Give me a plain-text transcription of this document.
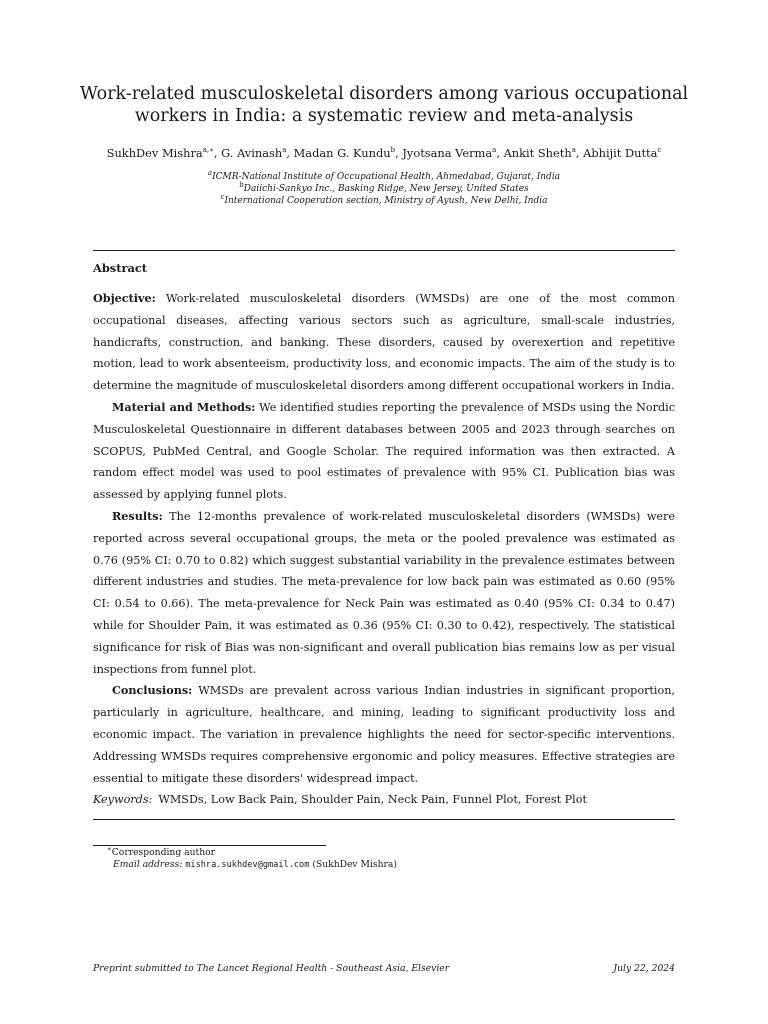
Work-related musculoskeletal disorders among various occupational
workers in India: a systematic review and meta-analysis
SukhDev Mishra$^{a,∗}$, G. Avinash$^a$, Madan G. Kundu$^b$, Jyotsana Verma$^a$, Ankit Sheth$^a$, Abhijit Dutta$^c$
$^a$ICMR-National Institute of Occupational Health, Ahmedabad, Gujarat, India
$^b$Daiichi-Sankyo Inc., Basking Ridge, New Jersey, United States
$^c$International Cooperation section, Ministry of Ayush, New Delhi, India
Abstract

Objective: Work-related musculoskeletal disorders (WMSDs) are one of the most common occupational diseases, affecting various sectors such as agriculture, small-scale industries, handicrafts, construction, and banking. These disorders, caused by overexertion and repetitive motion, lead to work absenteeism, productivity loss, and economic impacts. The aim of the study is to determine the magnitude of musculoskeletal disorders among different occupational workers in India.

Material and Methods: We identified studies reporting the prevalence of MSDs using the Nordic Musculoskeletal Questionnaire in different databases between 2005 and 2023 through searches on SCOPUS, PubMed Central, and Google Scholar. The required information was then extracted. A random effect model was used to pool estimates of prevalence with 95% CI. Publication bias was assessed by applying funnel plots.

Results: The 12-months prevalence of work-related musculoskeletal disorders (WMSDs) were reported across several occupational groups, the meta or the pooled prevalence was estimated as 0.76 (95% CI: 0.70 to 0.82) which suggest substantial variability in the prevalence estimates between different industries and studies. The meta-prevalence for low back pain was estimated as 0.60 (95% CI: 0.54 to 0.66). The meta-prevalence for Neck Pain was estimated as 0.40 (95% CI: 0.34 to 0.47) while for Shoulder Pain, it was estimated as 0.36 (95% CI: 0.30 to 0.42), respectively. The statistical significance for risk of Bias was non-significant and overall publication bias remains low as per visual inspections from funnel plot.

Conclusions: WMSDs are prevalent across various Indian industries in significant proportion, particularly in agriculture, healthcare, and mining, leading to significant productivity loss and economic impact. The variation in prevalence highlights the need for sector-specific interventions. Addressing WMSDs requires comprehensive ergonomic and policy measures. Effective strategies are essential to mitigate these disorders' widespread impact.

Keywords: WMSDs, Low Back Pain, Shoulder Pain, Neck Pain, Funnel Plot, Forest Plot

∗Corresponding author
Email address: mishra.sukhdev@gmail.com (SukhDev Mishra)
Preprint submitted to The Lancet Regional Health - Southeast Asia, Elsevier	July 22, 2024
